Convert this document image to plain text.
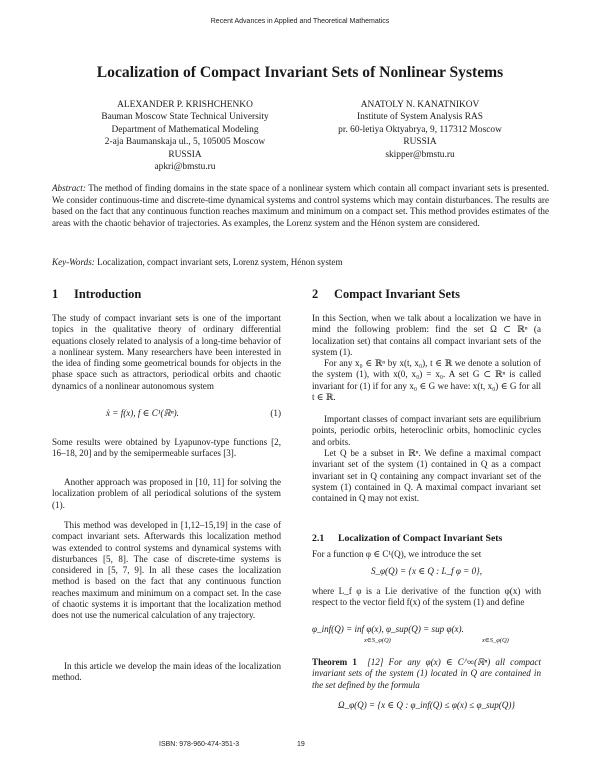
Recent Advances in Applied and Theoretical Mathematics
Localization of Compact Invariant Sets of Nonlinear Systems
ALEXANDER P. KRISHCHENKO
Bauman Moscow State Technical University
Department of Mathematical Modeling
2-aja Baumanskaja ul., 5, 105005 Moscow
RUSSIA
apkri@bmstu.ru
ANATOLY N. KANATNIKOV
Institute of System Analysis RAS
pr. 60-letiya Oktyabrya, 9, 117312 Moscow
RUSSIA
skipper@bmstu.ru
Abstract: The method of finding domains in the state space of a nonlinear system which contain all compact invariant sets is presented. We consider continuous-time and discrete-time dynamical systems and control systems which may contain disturbances. The results are based on the fact that any continuous function reaches maximum and minimum on a compact set. This method provides estimates of the areas with the chaotic behavior of trajectories. As examples, the Lorenz system and the Hénon system are considered.
Key-Words: Localization, compact invariant sets, Lorenz system, Hénon system
1 Introduction

The study of compact invariant sets is one of the important topics in the qualitative theory of ordinary differential equations closely related to analysis of a long-time behavior of a nonlinear system. Many researchers have been interested in the idea of finding some geometrical bounds for objects in the phase space such as attractors, periodical orbits and chaotic dynamics of a nonlinear autonomous system

ẋ = f(x), f ∈ C¹(ℝⁿ).	(1)

Some results were obtained by Lyapunov-type functions [2, 16–18, 20] and by the semipermeable surfaces [3].

Another approach was proposed in [10, 11] for solving the localization problem of all periodical solutions of the system (1).

This method was developed in [1,12–15,19] in the case of compact invariant sets. Afterwards this localization method was extended to control systems and dynamical systems with disturbances [5, 8]. The case of discrete-time systems is considered in [5, 7, 9]. In all these cases the localization method is based on the fact that any continuous function reaches maximum and minimum on a compact set. In the case of chaotic systems it is important that the localization method does not use the numerical calculation of any trajectory.

In this article we develop the main ideas of the localization method.

2 Compact Invariant Sets

In this Section, when we talk about a localization we have in mind the following problem: find the set Ω ⊂ ℝⁿ (a localization set) that contains all compact invariant sets of the system (1).

For any x₀ ∈ ℝⁿ by x(t, x₀), t ∈ ℝ we denote a solution of the system (1), with x(0, x₀) = x₀. A set G ⊂ ℝⁿ is called invariant for (1) if for any x₀ ∈ G we have: x(t, x₀) ∈ G for all t ∈ ℝ.

Important classes of compact invariant sets are equilibrium points, periodic orbits, heteroclinic orbits, homoclinic cycles and orbits.

Let Q be a subset in ℝⁿ. We define a maximal compact invariant set of the system (1) contained in Q as a compact invariant set in Q containing any compact invariant set of the system (1) contained in Q. A maximal compact invariant set contained in Q may not exist.

2.1 Localization of Compact Invariant Sets

For a function φ ∈ C¹(Q), we introduce the set

S_φ(Q) = {x ∈ Q : L_f φ = 0},

where L_f φ is a Lie derivative of the function φ(x) with respect to the vector field f(x) of the system (1) and define

φ_inf(Q) = inf φ(x), φ_sup(Q) = sup φ(x).
x∈S_φ(Q)	x∈S_φ(Q)

Theorem 1 [12] For any φ(x) ∈ C^∞(ℝⁿ) all compact invariant sets of the system (1) located in Q are contained in the set defined by the formula

Ω_φ(Q) = {x ∈ Q : φ_inf(Q) ≤ φ(x) ≤ φ_sup(Q)}
ISBN: 978-960-474-351-3	19
